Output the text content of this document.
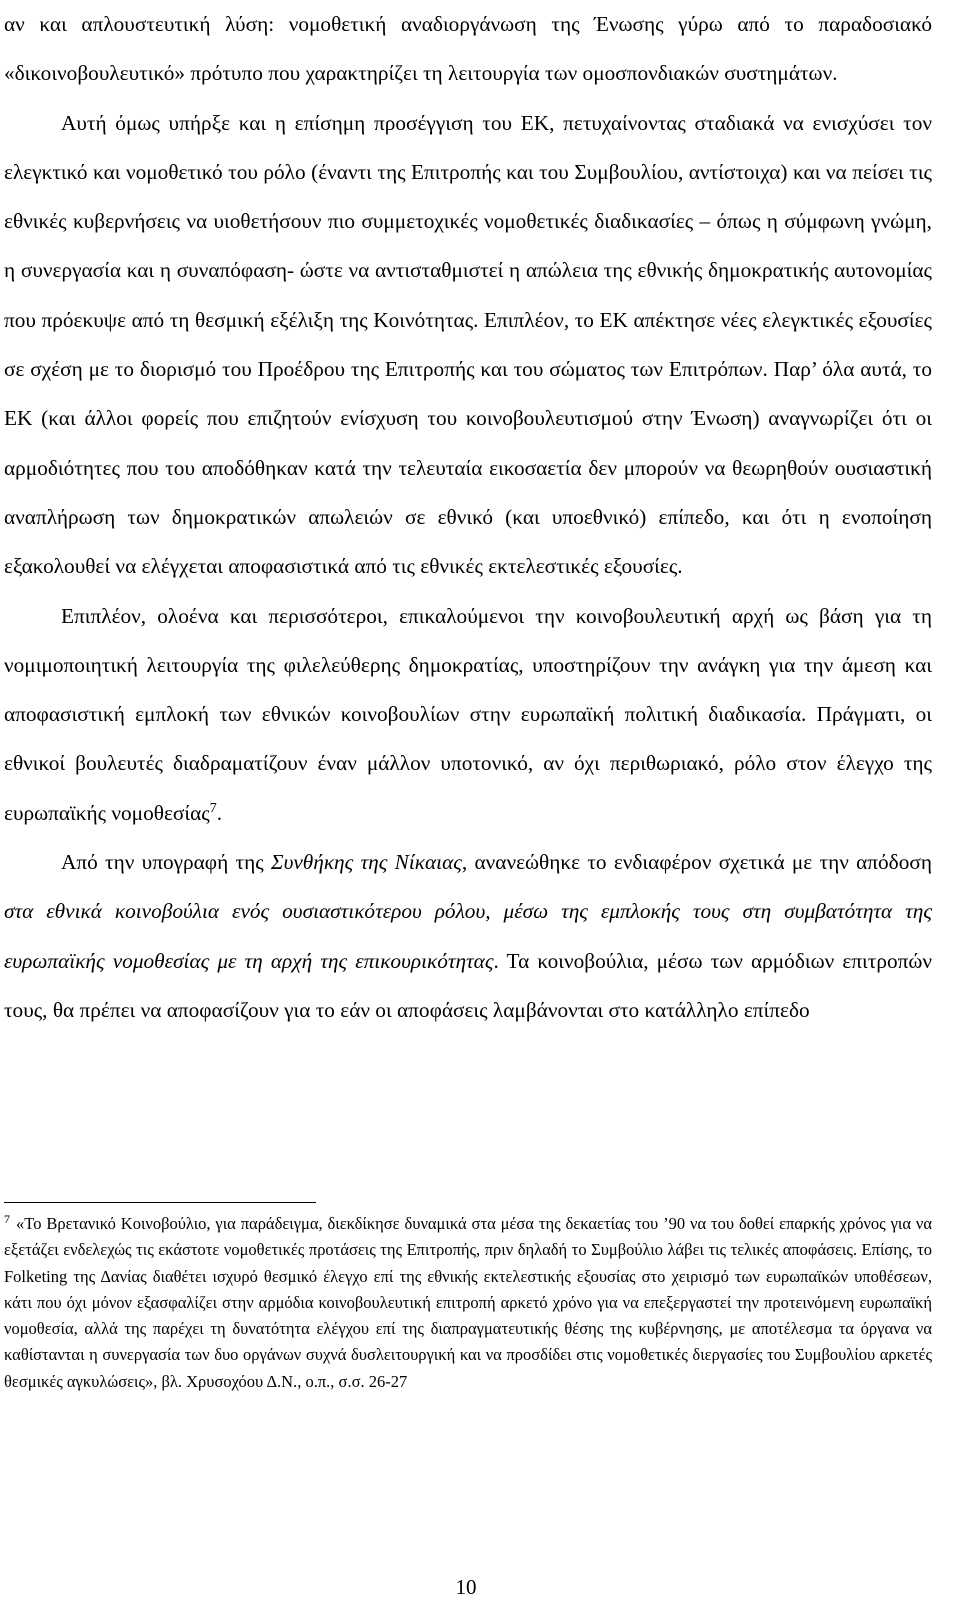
αν και απλουστευτική λύση: νομοθετική αναδιοργάνωση της Ένωσης γύρω από το παραδοσιακό «δικοινοβουλευτικό» πρότυπο που χαρακτηρίζει τη λειτουργία των ομοσπονδιακών συστημάτων.

Αυτή όμως υπήρξε και η επίσημη προσέγγιση του ΕΚ, πετυχαίνοντας σταδιακά να ενισχύσει τον ελεγκτικό και νομοθετικό του ρόλο (έναντι της Επιτροπής και του Συμβουλίου, αντίστοιχα) και να πείσει τις εθνικές κυβερνήσεις να υιοθετήσουν πιο συμμετοχικές νομοθετικές διαδικασίες – όπως η σύμφωνη γνώμη, η συνεργασία και η συναπόφαση- ώστε να αντισταθμιστεί η απώλεια της εθνικής δημοκρατικής αυτονομίας που πρόεκυψε από τη θεσμική εξέλιξη της Κοινότητας. Επιπλέον, το ΕΚ απέκτησε νέες ελεγκτικές εξουσίες σε σχέση με το διορισμό του Προέδρου της Επιτροπής και του σώματος των Επιτρόπων. Παρ’ όλα αυτά, το ΕΚ (και άλλοι φορείς που επιζητούν ενίσχυση του κοινοβουλευτισμού στην Ένωση) αναγνωρίζει ότι οι αρμοδιότητες που του αποδόθηκαν κατά την τελευταία εικοσαετία δεν μπορούν να θεωρηθούν ουσιαστική αναπλήρωση των δημοκρατικών απωλειών σε εθνικό (και υποεθνικό) επίπεδο, και ότι η ενοποίηση εξακολουθεί να ελέγχεται αποφασιστικά από τις εθνικές εκτελεστικές εξουσίες.

Επιπλέον, ολοένα και περισσότεροι, επικαλούμενοι την κοινοβουλευτική αρχή ως βάση για τη νομιμοποιητική λειτουργία της φιλελεύθερης δημοκρατίας, υποστηρίζουν την ανάγκη για την άμεση και αποφασιστική εμπλοκή των εθνικών κοινοβουλίων στην ευρωπαϊκή πολιτική διαδικασία. Πράγματι, οι εθνικοί βουλευτές διαδραματίζουν έναν μάλλον υποτονικό, αν όχι περιθωριακό, ρόλο στον έλεγχο της ευρωπαϊκής νομοθεσίας$^7$.

Από την υπογραφή της Συνθήκης της Νίκαιας, ανανεώθηκε το ενδιαφέρον σχετικά με την απόδοση στα εθνικά κοινοβούλια ενός ουσιαστικότερου ρόλου, μέσω της εμπλοκής τους στη συμβατότητα της ευρωπαϊκής νομοθεσίας με τη αρχή της επικουρικότητας. Τα κοινοβούλια, μέσω των αρμόδιων επιτροπών τους, θα πρέπει να αποφασίζουν για το εάν οι αποφάσεις λαμβάνονται στο κατάλληλο επίπεδο

$^7$ «Το Βρετανικό Κοινοβούλιο, για παράδειγμα, διεκδίκησε δυναμικά στα μέσα της δεκαετίας του ’90 να του δοθεί επαρκής χρόνος για να εξετάζει ενδελεχώς τις εκάστοτε νομοθετικές προτάσεις της Επιτροπής, πριν δηλαδή το Συμβούλιο λάβει τις τελικές αποφάσεις. Επίσης, το Folketing της Δανίας διαθέτει ισχυρό θεσμικό έλεγχο επί της εθνικής εκτελεστικής εξουσίας στο χειρισμό των ευρωπαϊκών υποθέσεων, κάτι που όχι μόνον εξασφαλίζει στην αρμόδια κοινοβουλευτική επιτροπή αρκετό χρόνο για να επεξεργαστεί την προτεινόμενη ευρωπαϊκή νομοθεσία, αλλά της παρέχει τη δυνατότητα ελέγχου επί της διαπραγματευτικής θέσης της κυβέρνησης, με αποτέλεσμα τα όργανα να καθίστανται η συνεργασία των δυο οργάνων συχνά δυσλειτουργική και να προσδίδει στις νομοθετικές διεργασίες του Συμβουλίου αρκετές θεσμικές αγκυλώσεις», βλ. Χρυσοχόου Δ.Ν., ο.π., σ.σ. 26-27

10
